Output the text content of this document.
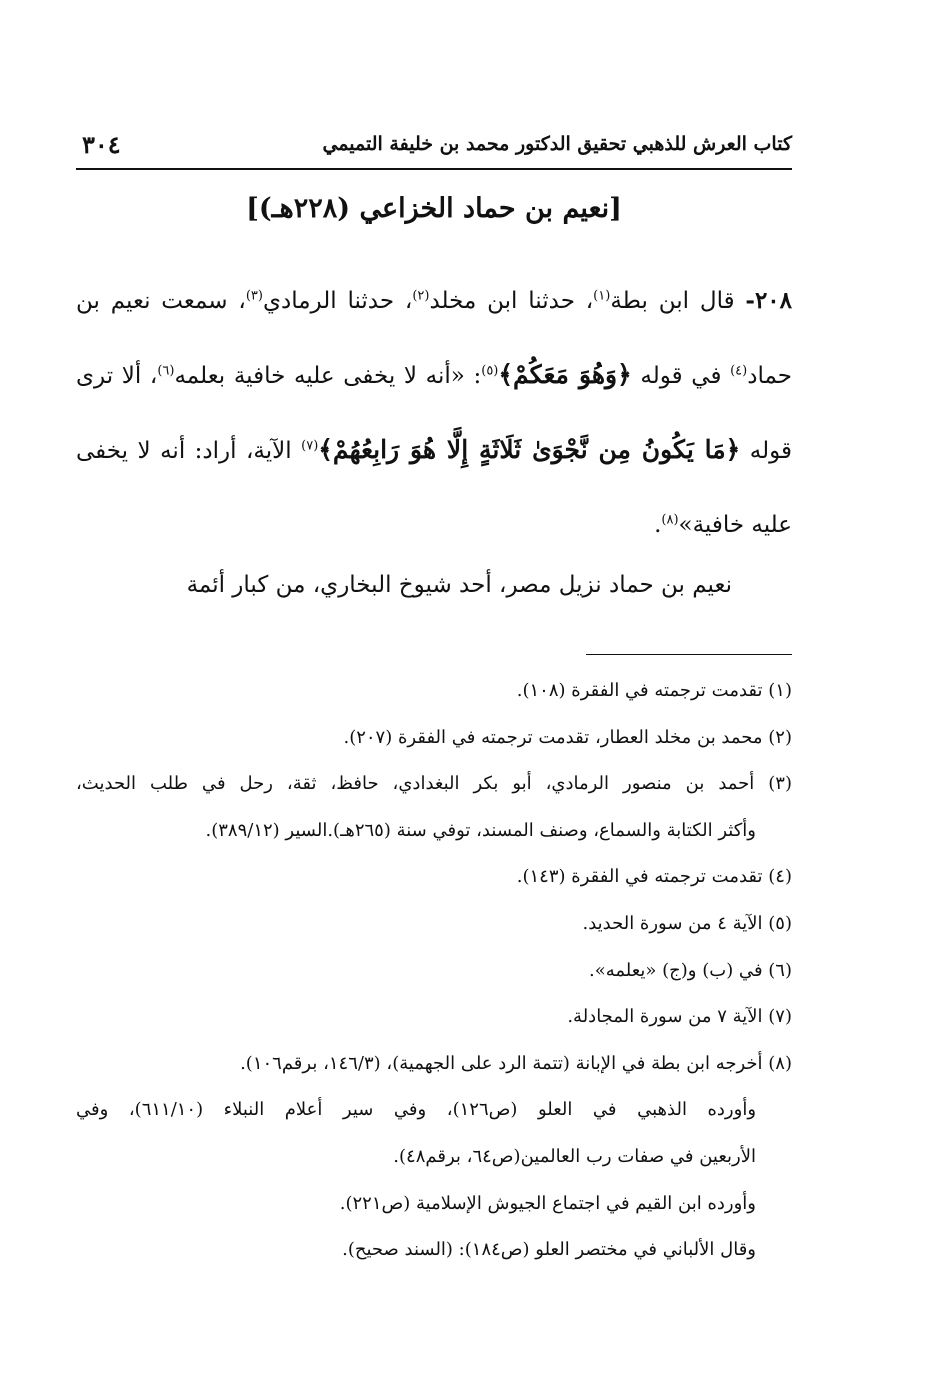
كتاب العرش للذهبي تحقيق الدكتور محمد بن خليفة التميمي
٣٠٤
[نعيم بن حماد الخزاعي (٢٢٨هـ)]
٢٠٨- قال ابن بطة$^{(١)}$، حدثنا ابن مخلد$^{(٢)}$، حدثنا الرمادي$^{(٣)}$، سمعت نعيم بن حماد$^{(٤)}$ في قوله ﴿وَهُوَ مَعَكُمْ﴾$^{(٥)}$: «أنه لا يخفى عليه خافية بعلمه$^{(٦)}$، ألا ترى قوله ﴿مَا يَكُونُ مِن نَّجْوَىٰ ثَلَاثَةٍ إِلَّا هُوَ رَابِعُهُمْ﴾$^{(٧)}$ الآية، أراد: أنه لا يخفى عليه خافية»$^{(٨)}$.
نعيم بن حماد نزيل مصر، أحد شيوخ البخاري، من كبار أئمة

(١) تقدمت ترجمته في الفقرة (١٠٨).

(٢) محمد بن مخلد العطار، تقدمت ترجمته في الفقرة (٢٠٧).

(٣) أحمد بن منصور الرمادي، أبو بكر البغدادي، حافظ، ثقة، رحل في طلب الحديث،

وأكثر الكتابة والسماع، وصنف المسند، توفي سنة (٢٦٥هـ).السير (٣٨٩/١٢).

(٤) تقدمت ترجمته في الفقرة (١٤٣).

(٥) الآية ٤ من سورة الحديد.

(٦) في (ب) و(ج) «يعلمه».

(٧) الآية ٧ من سورة المجادلة.

(٨) أخرجه ابن بطة في الإبانة (تتمة الرد على الجهمية)، (١٤٦/٣، برقم١٠٦).

وأورده الذهبي في العلو (ص١٢٦)، وفي سير أعلام النبلاء (٦١١/١٠)، وفي

الأربعين في صفات رب العالمين(ص٦٤، برقم٤٨).

وأورده ابن القيم في اجتماع الجيوش الإسلامية (ص٢٢١).

وقال الألباني في مختصر العلو (ص١٨٤): (السند صحيح).
